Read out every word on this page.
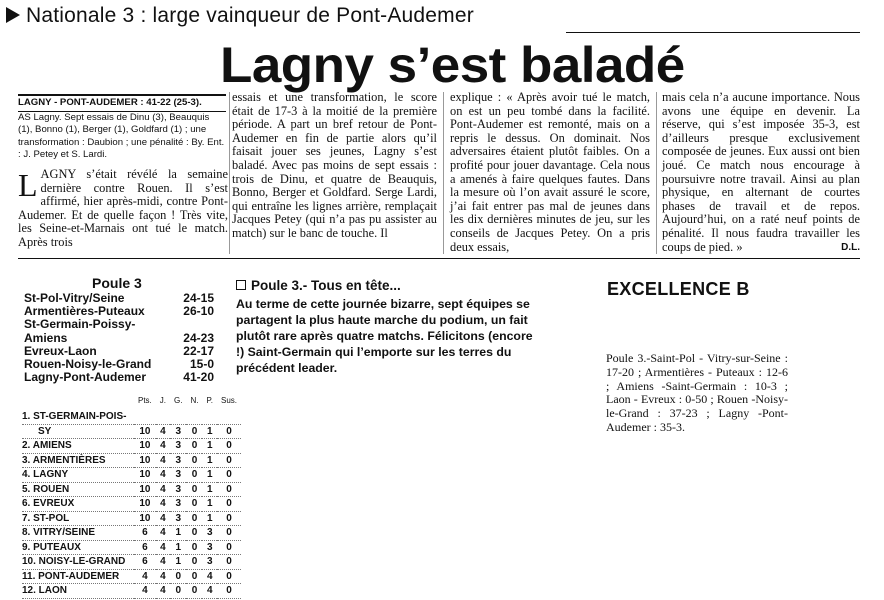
Nationale 3 : large vainqueur de Pont-Audemer
Lagny s’est baladé
LAGNY - PONT-AUDEMER : 41-22 (25-3).
AS Lagny. Sept essais de Dinu (3), Beauquis (1), Bonno (1), Berger (1), Goldfard (1) ; une transformation : Daubion ; une pénalité : By. Ent. : J. Petey et S. Lardi.
L AGNY s’était révélé la semaine dernière contre Rouen. Il s’est affirmé, hier après-midi, contre Pont-Audemer. Et de quelle façon ! Très vite, les Seine-et-Marnais ont tué le match. Après trois

essais et une transformation, le score était de 17-3 à la moitié de la première période. A part un bref retour de Pont-Audemer en fin de partie alors qu’il faisait jouer ses jeunes, Lagny s’est baladé. Avec pas moins de sept essais : trois de Dinu, et quatre de Beauquis, Bonno, Berger et Goldfard. Serge Lardi, qui entraîne les lignes arrière, remplaçait Jacques Petey (qui n’a pas pu assister au match) sur le banc de touche. Il

explique : « Après avoir tué le match, on est un peu tombé dans la facilité. Pont-Audemer est remonté, mais on a repris le dessus. On dominait. Nos adversaires étaient plutôt faibles. On a profité pour jouer davantage. Cela nous a amenés à faire quelques fautes. Dans la mesure où l’on avait assuré le score, j’ai fait entrer pas mal de jeunes dans les dix dernières minutes de jeu, sur les conseils de Jacques Petey. On a pris deux essais,

mais cela n’a aucune importance. Nous avons une équipe en devenir. La réserve, qui s’est imposée 35-3, est d’ailleurs presque exclusivement composée de jeunes. Eux aussi ont bien joué. Ce match nous encourage à poursuivre notre travail. Ainsi au plan physique, en alternant de courtes phases de travail et de repos. Aujourd’hui, on a raté neuf points de pénalité. Il nous faudra travailler les coups de pied. »	D.L.

Poule 3
St-Pol-Vitry/Seine	24-15
Armentières-Puteaux	26-10
St-Germain-Poissy-
Amiens	24-23
Evreux-Laon	22-17
Rouen-Noisy-le-Grand	15-0
Lagny-Pont-Audemer	41-20
	Pts.	J.	G.	N.	P.	Sus.
1. ST-GERMAIN-POIS-						
SY	10	4	3	0	1	0
2. AMIENS	10	4	3	0	1	0
3. ARMENTIÈRES	10	4	3	0	1	0
4. LAGNY	10	4	3	0	1	0
5. ROUEN	10	4	3	0	1	0
6. EVREUX	10	4	3	0	1	0
7. ST-POL	10	4	3	0	1	0
8. VITRY/SEINE	6	4	1	0	3	0
9. PUTEAUX	6	4	1	0	3	0
10. NOISY-LE-GRAND	6	4	1	0	3	0
11. PONT-AUDEMER	4	4	0	0	4	0
12. LAON	4	4	0	0	4	0
Poule 3.- Tous en tête...
Au terme de cette journée bizarre, sept équipes se partagent la plus haute marche du podium, un fait plutôt rare après quatre matchs. Félicitons (encore !) Saint-Germain qui l’emporte sur les terres du précédent leader.
EXCELLENCE B
Poule 3.-Saint-Pol - Vitry-sur-Seine : 17-20 ; Armentières - Puteaux : 12-6 ; Amiens -Saint-Germain : 10-3 ; Laon - Evreux : 0-50 ; Rouen -Noisy-le-Grand : 37-23 ; Lagny -Pont-Audemer : 35-3.
